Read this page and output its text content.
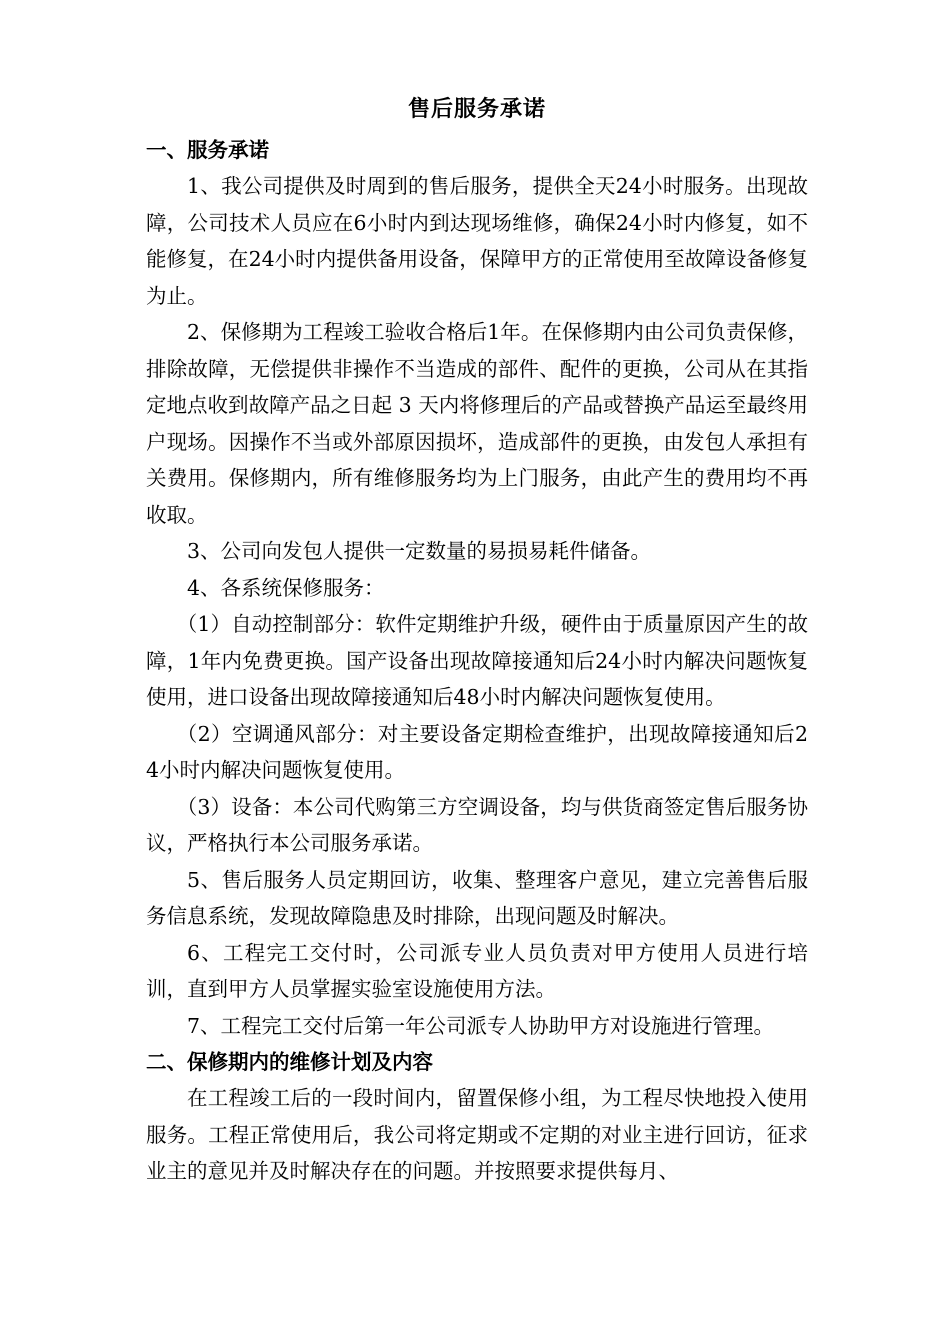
售后服务承诺
一、服务承诺

1、我公司提供及时周到的售后服务，提供全天24小时服务。出现故障，公司技术人员应在6小时内到达现场维修，确保24小时内修复，如不能修复，在24小时内提供备用设备，保障甲方的正常使用至故障设备修复为止。

2、保修期为工程竣工验收合格后1年。在保修期内由公司负责保修，排除故障，无偿提供非操作不当造成的部件、配件的更换，公司从在其指定地点收到故障产品之日起 3 天内将修理后的产品或替换产品运至最终用户现场。因操作不当或外部原因损坏，造成部件的更换，由发包人承担有关费用。保修期内，所有维修服务均为上门服务，由此产生的费用均不再收取。

3、公司向发包人提供一定数量的易损易耗件储备。

4、各系统保修服务：

（1）自动控制部分：软件定期维护升级，硬件由于质量原因产生的故障，1年内免费更换。国产设备出现故障接通知后24小时内解决问题恢复使用，进口设备出现故障接通知后48小时内解决问题恢复使用。

（2）空调通风部分：对主要设备定期检查维护，出现故障接通知后24小时内解决问题恢复使用。

（3）设备：本公司代购第三方空调设备，均与供货商签定售后服务协议，严格执行本公司服务承诺。

5、售后服务人员定期回访，收集、整理客户意见，建立完善售后服务信息系统，发现故障隐患及时排除，出现问题及时解决。

6、工程完工交付时，公司派专业人员负责对甲方使用人员进行培训，直到甲方人员掌握实验室设施使用方法。

7、工程完工交付后第一年公司派专人协助甲方对设施进行管理。

二、保修期内的维修计划及内容

在工程竣工后的一段时间内，留置保修小组，为工程尽快地投入使用服务。工程正常使用后，我公司将定期或不定期的对业主进行回访，征求业主的意见并及时解决存在的问题。并按照要求提供每月、
